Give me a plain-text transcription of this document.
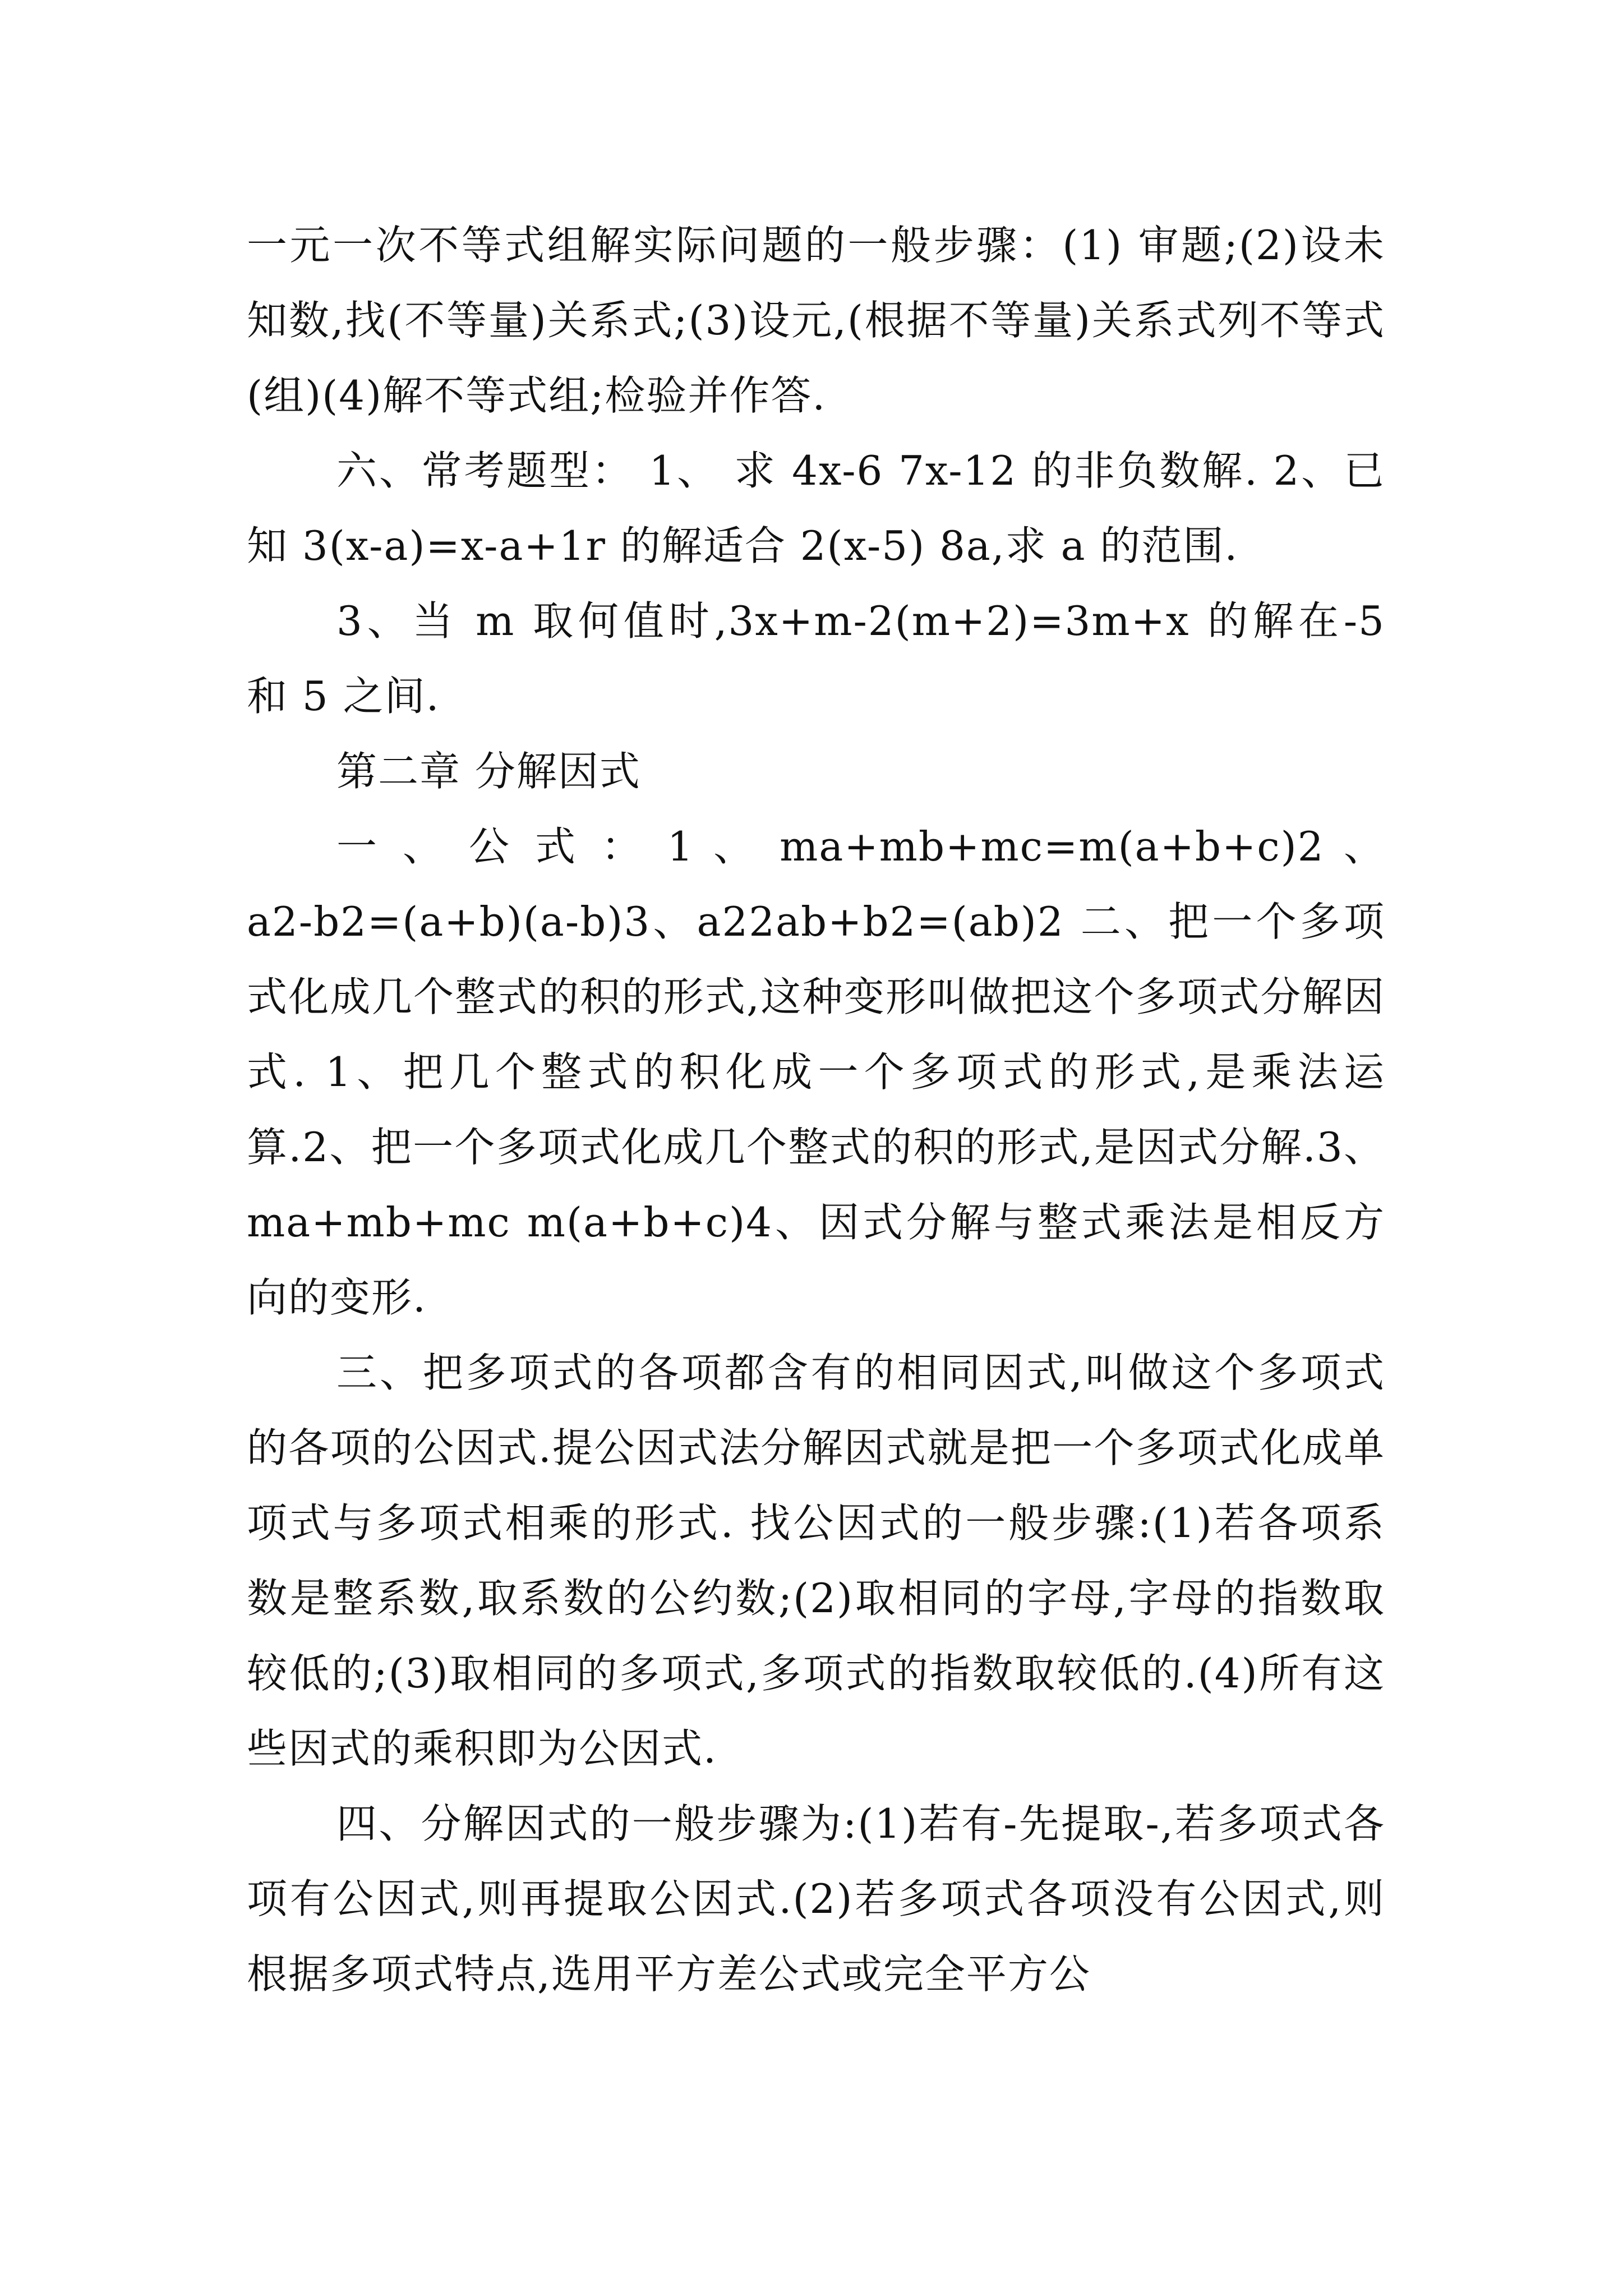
一元一次不等式组解实际问题的一般步骤：(1) 审题;(2)设未知数,找(不等量)关系式;(3)设元,(根据不等量)关系式列不等式(组)(4)解不等式组;检验并作答.

六、常考题型： 1、 求 4x-6 7x-12 的非负数解. 2、已知 3(x-a)=x-a+1r 的解适合 2(x-5) 8a,求 a 的范围.

3、当 m 取何值时,3x+m-2(m+2)=3m+x 的解在-5 和 5 之间.

第二章 分解因式

一 、 公 式 ： 1 、 ma+mb+mc=m(a+b+c)2 、 a2-b2=(a+b)(a-b)3、a22ab+b2=(ab)2 二、把一个多项式化成几个整式的积的形式,这种变形叫做把这个多项式分解因式. 1、把几个整式的积化成一个多项式的形式,是乘法运算.2、把一个多项式化成几个整式的积的形式,是因式分解.3、ma+mb+mc m(a+b+c)4、因式分解与整式乘法是相反方向的变形.

三、把多项式的各项都含有的相同因式,叫做这个多项式的各项的公因式.提公因式法分解因式就是把一个多项式化成单项式与多项式相乘的形式. 找公因式的一般步骤:(1)若各项系数是整系数,取系数的公约数;(2)取相同的字母,字母的指数取较低的;(3)取相同的多项式,多项式的指数取较低的.(4)所有这些因式的乘积即为公因式.

四、分解因式的一般步骤为:(1)若有-先提取-,若多项式各项有公因式,则再提取公因式.(2)若多项式各项没有公因式,则根据多项式特点,选用平方差公式或完全平方公
